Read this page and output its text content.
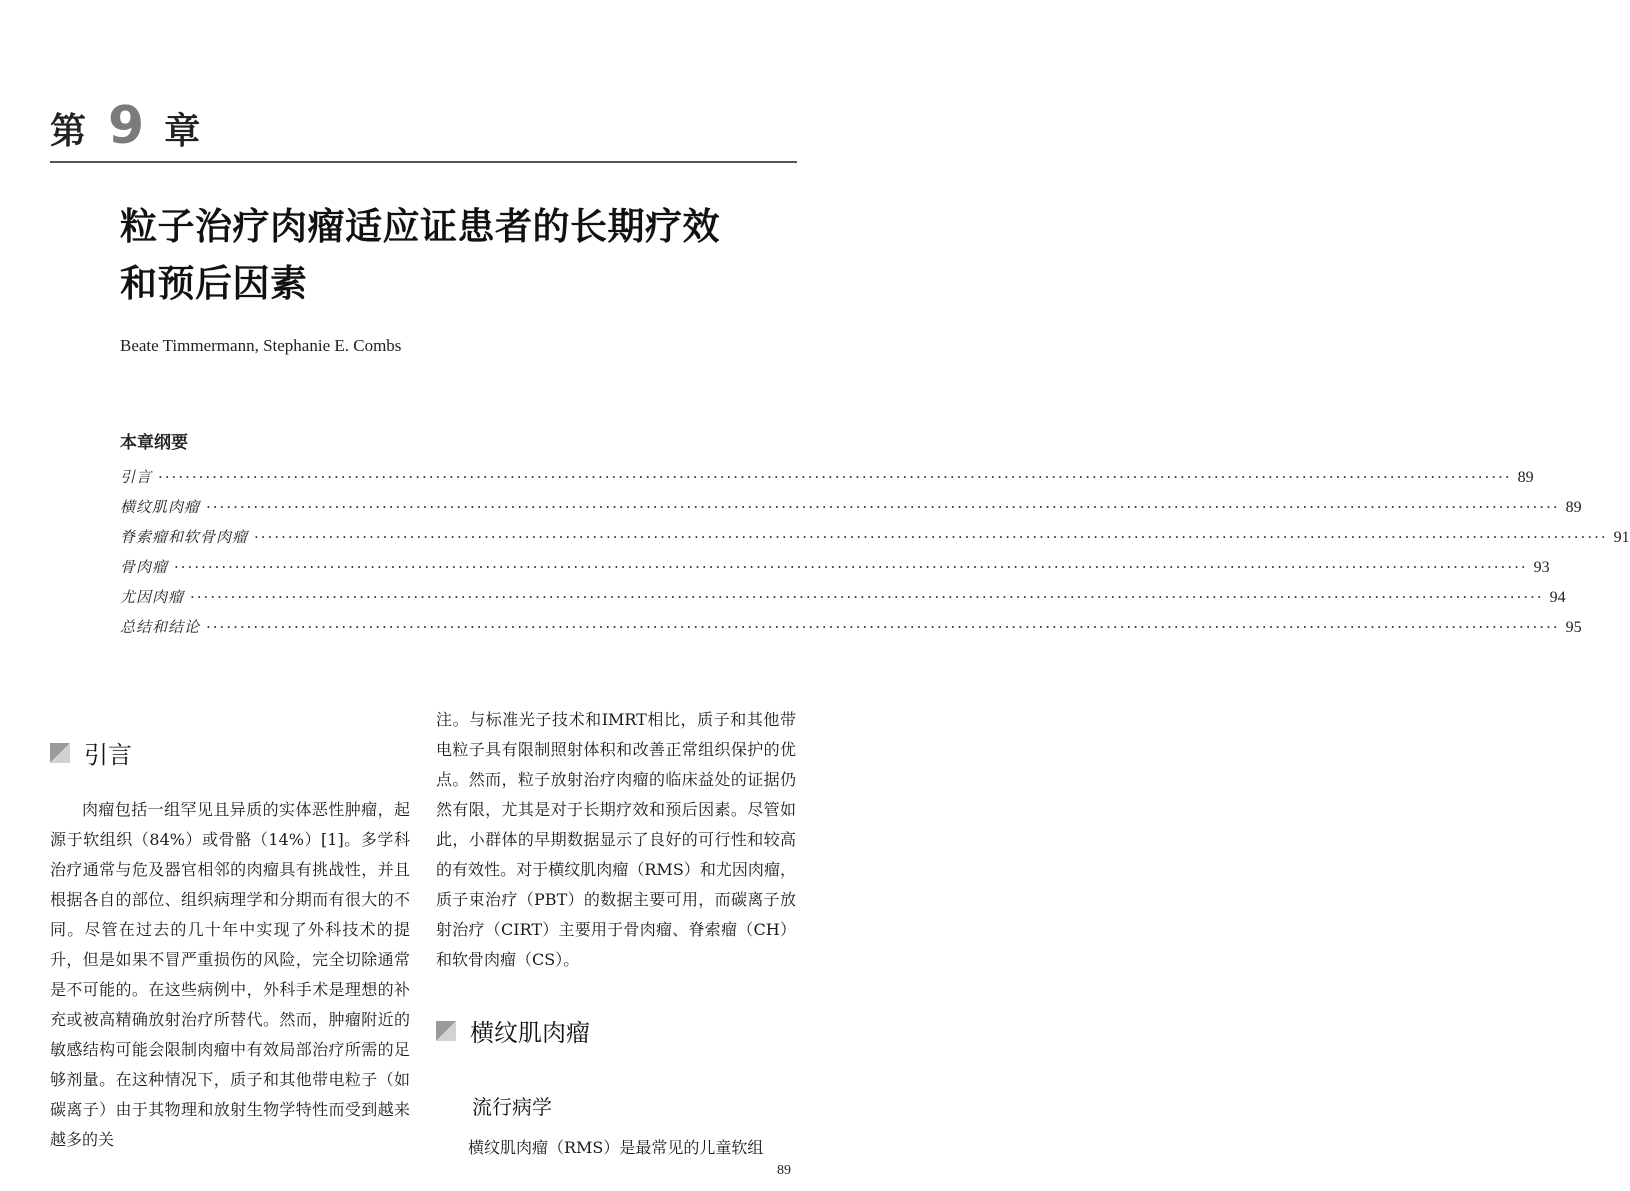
第 9 章
粒子治疗肉瘤适应证患者的长期疗效
和预后因素
Beate Timmermann, Stephanie E. Combs
本章纲要
引言 ········································································································································································································ 89
横纹肌肉瘤 ········································································································································································································ 89
脊索瘤和软骨肉瘤 ········································································································································································································ 91
骨肉瘤 ········································································································································································································ 93
尤因肉瘤 ········································································································································································································ 94
总结和结论 ········································································································································································································ 95
引言

肉瘤包括一组罕见且异质的实体恶性肿瘤，起源于软组织（84%）或骨骼（14%）[1]。多学科治疗通常与危及器官相邻的肉瘤具有挑战性，并且根据各自的部位、组织病理学和分期而有很大的不同。尽管在过去的几十年中实现了外科技术的提升，但是如果不冒严重损伤的风险，完全切除通常是不可能的。在这些病例中，外科手术是理想的补充或被高精确放射治疗所替代。然而，肿瘤附近的敏感结构可能会限制肉瘤中有效局部治疗所需的足够剂量。在这种情况下，质子和其他带电粒子（如碳离子）由于其物理和放射生物学特性而受到越来越多的关

注。与标准光子技术和IMRT相比，质子和其他带电粒子具有限制照射体积和改善正常组织保护的优点。然而，粒子放射治疗肉瘤的临床益处的证据仍然有限，尤其是对于长期疗效和预后因素。尽管如此，小群体的早期数据显示了良好的可行性和较高的有效性。对于横纹肌肉瘤（RMS）和尤因肉瘤，质子束治疗（PBT）的数据主要可用，而碳离子放射治疗（CIRT）主要用于骨肉瘤、脊索瘤（CH）和软骨肉瘤（CS）。

横纹肌肉瘤
流行病学

横纹肌肉瘤（RMS）是最常见的儿童软组

89
